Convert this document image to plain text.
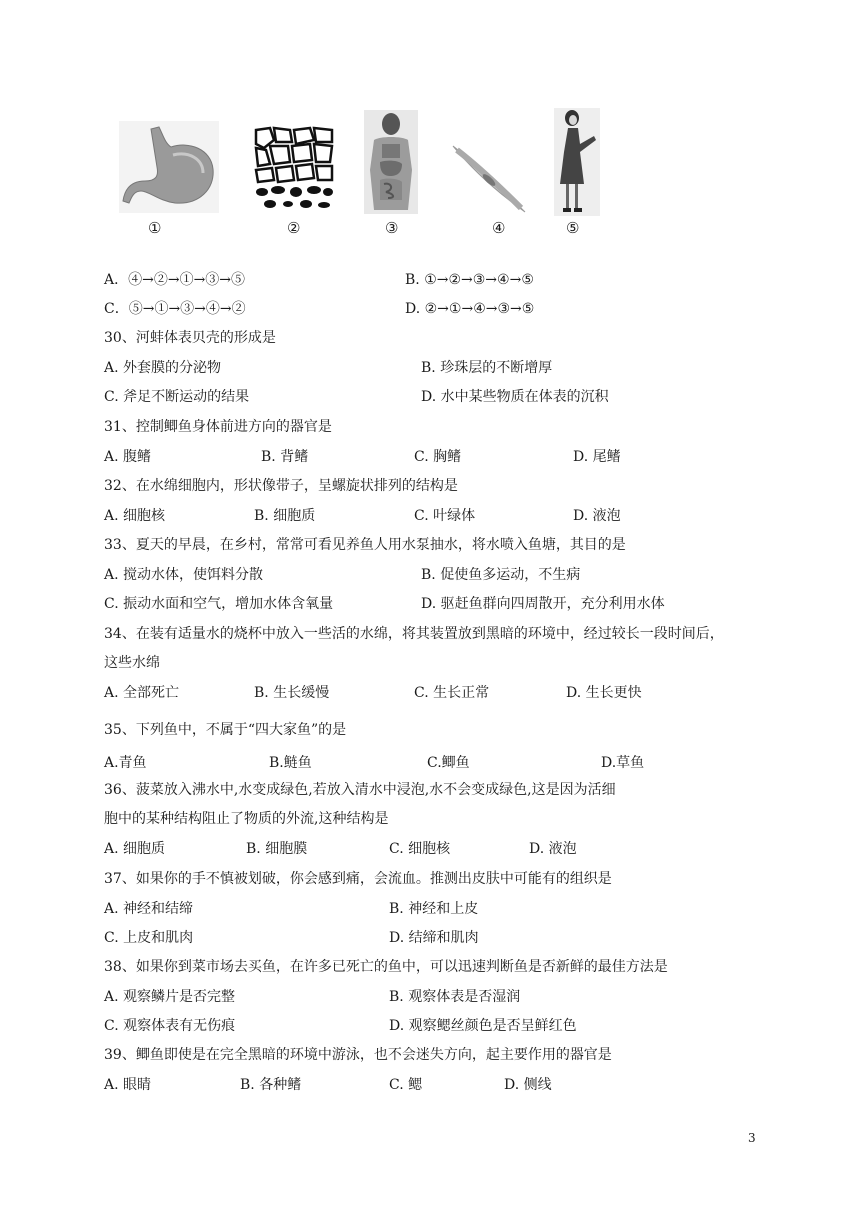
①	②	③	④	⑤
A．④→②→①→③→⑤	B. ①→②→③→④→⑤
C．⑤→①→③→④→②	D. ②→①→④→③→⑤
30、河蚌体表贝壳的形成是
A. 外套膜的分泌物	B. 珍珠层的不断增厚
C. 斧足不断运动的结果	D. 水中某些物质在体表的沉积
31、控制鲫鱼身体前进方向的器官是
A. 腹鳍	B. 背鳍	C. 胸鳍	D. 尾鳍
32、在水绵细胞内，形状像带子，呈螺旋状排列的结构是
A. 细胞核	B. 细胞质	C. 叶绿体	D. 液泡
33、夏天的早晨，在乡村，常常可看见养鱼人用水泵抽水，将水喷入鱼塘，其目的是
A. 搅动水体，使饵料分散	B. 促使鱼多运动，不生病
C. 振动水面和空气，增加水体含氧量	D. 驱赶鱼群向四周散开，充分利用水体
34、在装有适量水的烧杯中放入一些活的水绵，将其装置放到黑暗的环境中，经过较长一段时间后，
这些水绵
A. 全部死亡	B. 生长缓慢	C. 生长正常	D. 生长更快
35、下列鱼中，不属于“四大家鱼”的是
A.青鱼	B.鲢鱼	C.鲫鱼	D.草鱼
36、菠菜放入沸水中,水变成绿色,若放入清水中浸泡,水不会变成绿色,这是因为活细
胞中的某种结构阻止了物质的外流,这种结构是
A. 细胞质	B. 细胞膜	C. 细胞核	D. 液泡
37、如果你的手不慎被划破，你会感到痛，会流血。推测出皮肤中可能有的组织是
A. 神经和结缔	B. 神经和上皮
C. 上皮和肌肉	D. 结缔和肌肉
38、如果你到菜市场去买鱼，在许多已死亡的鱼中，可以迅速判断鱼是否新鲜的最佳方法是
A. 观察鳞片是否完整	B. 观察体表是否湿润
C. 观察体表有无伤痕	D. 观察鳃丝颜色是否呈鲜红色
39、鲫鱼即使是在完全黑暗的环境中游泳，也不会迷失方向，起主要作用的器官是
A. 眼睛	B. 各种鳍	C. 鳃	D. 侧线
3
